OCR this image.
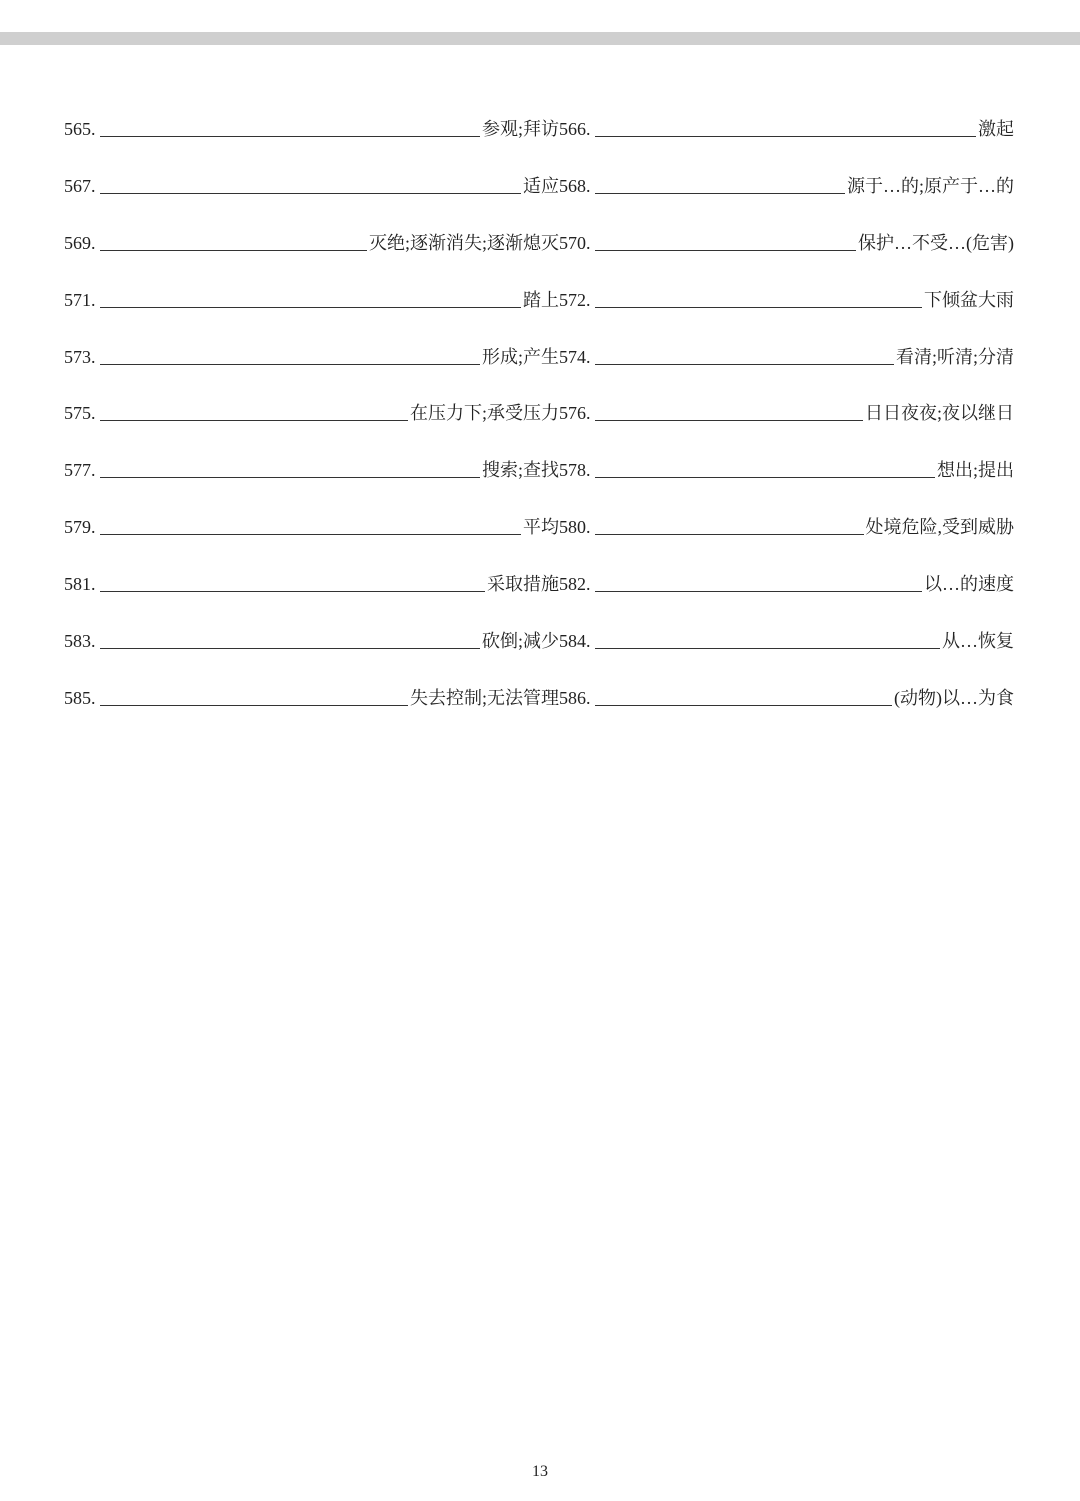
565.	参观;拜访 566.	激起
567.	适应 568.	源于…的;原产于…的
569.	灭绝;逐渐消失;逐渐熄灭 570.	保护…不受…(危害)
571.	踏上 572.	下倾盆大雨
573.	形成;产生 574.	看清;听清;分清
575.	在压力下;承受压力 576.	日日夜夜;夜以继日
577.	搜索;查找 578.	想出;提出
579.	平均 580.	处境危险,受到威胁
581.	采取措施 582.	以…的速度
583.	砍倒;减少 584.	从…恢复
585.	失去控制;无法管理 586.	(动物)以…为食
13
